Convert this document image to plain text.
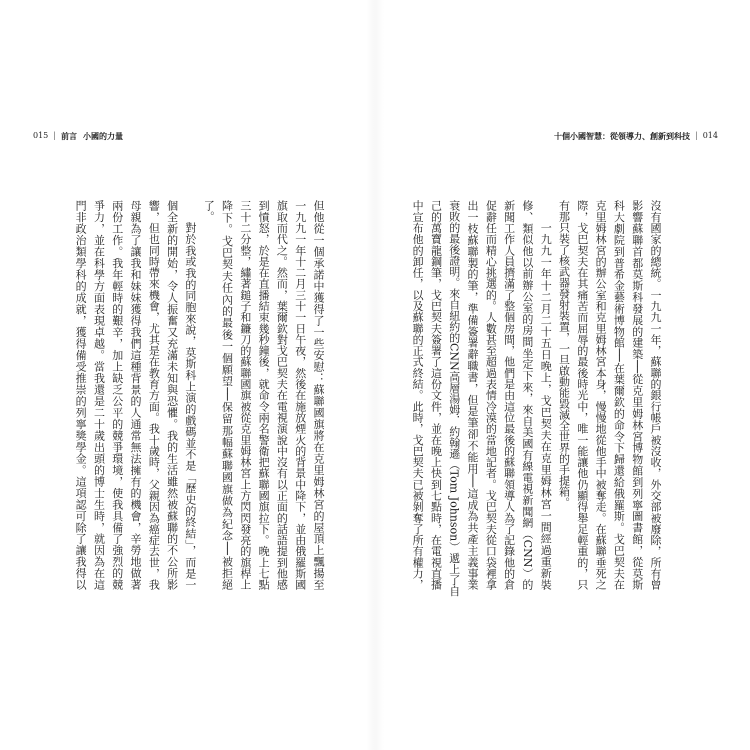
015 | 前言 小國的力量	十個小國智慧：從領導力、創新到科技 | 014
沒有國家的總統。一九九一年，蘇聯的銀行帳戶被沒收，外交部被廢除，所有曾
影響蘇聯首都莫斯科發展的建築──從克里姆林宮博物館到列寧圖書館，從莫斯
科大劇院到普希金藝術博物館──在葉爾欽的命令下歸還給俄羅斯。戈巴契夫在
克里姆林宮的辦公室和克里姆林宮本身，慢慢地從他手中被奪走。在蘇聯垂死之
際，戈巴契夫在其痛苦而屈辱的最後時光中，唯一能讓他仍顯得舉足輕重的，只
有那只裝了核武器發射裝置，一旦啟動能毀滅全世界的手提箱。
一九九一年十二月二十五日晚上，戈巴契夫在克里姆林宮一間經過重新裝
修、類似他以前辦公室的房間坐定下來，來自美國有線電視新聞網（CNN）的
新聞工作人員擠滿了整個房間，他們是由這位最後的蘇聯領導人為了記錄他的倉
促辭任而精心挑選的。人數甚至超過表情冷漠的當地記者。戈巴契夫從口袋裡拿
出一枝蘇聯製的筆，準備簽署辭職書，但是筆卻不能用──這成為共產主義事業
衰敗的最後證明。來自紐約的CNN高層湯姆．約翰遜（Tom Johnson）遞上了自
己的萬寶龍鋼筆，戈巴契夫簽署了這份文件，並在晚上快到七點時，在電視直播
中宣布他的卸任，以及蘇聯的正式終結。此時，戈巴契夫已被剝奪了所有權力，
但他從一個承諾中獲得了一些安慰：蘇聯國旗將在克里姆林宮的屋頂上飄揚至
一九九一年十二月三十一日午夜，然後在施放煙火的背景中降下，並由俄羅斯國
旗取而代之。然而，葉爾欽對戈巴契夫在電視演說中沒有以正面的話語提到他感
到憤怒，於是在直播結束幾秒鐘後，就命令兩名警衛把蘇聯國旗拉下。晚上七點
三十二分整，繡著鎚子和鐮刀的蘇聯國旗被從克里姆林宮上方閃閃發亮的旗桿上
降下。戈巴契夫任內的最後一個願望──保留那幅蘇聯國旗做為紀念──被拒絕
了。
對於我或我的同胞來說，莫斯科上演的戲碼並不是「歷史的終結」，而是一
個全新的開始，令人振奮又充滿未知與恐懼。我的生活雖然被蘇聯的不公所影
響，但也同時帶來機會，尤其是在教育方面。我十歲時，父親因為癌症去世，我
母親為了讓我和妹妹獲得我們這種背景的人通常無法擁有的機會，辛勞地做著
兩份工作。我年輕時的艱辛，加上缺乏公平的競爭環境，使我具備了強烈的競
爭力，並在科學方面表現卓越。當我還是二十歲出頭的博士生時，就因為在這
門非政治類學科的成就，獲得備受推崇的列寧獎學金。這項認可除了讓我得以
